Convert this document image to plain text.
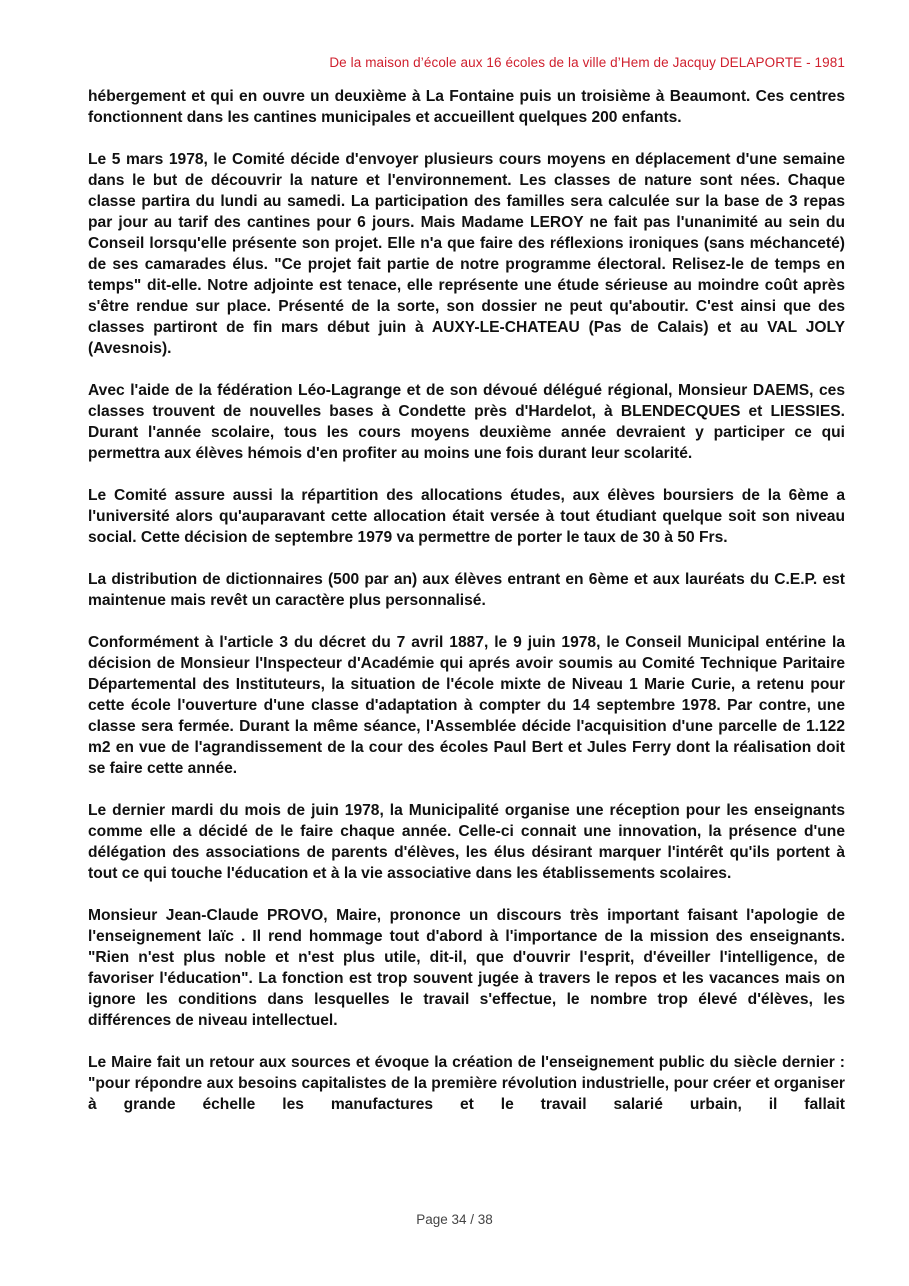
De la maison d’école aux 16 écoles de la ville d’Hem de Jacquy DELAPORTE - 1981

hébergement et qui en ouvre un deuxième à La Fontaine puis un troisième à Beaumont. Ces centres fonctionnent dans les cantines municipales et accueillent quelques 200 enfants.

Le 5 mars 1978, le Comité décide d'envoyer plusieurs cours moyens en déplacement d'une semaine dans le but de découvrir la nature et l'environnement. Les classes de nature sont nées. Chaque classe partira du lundi au samedi. La participation des familles sera calculée sur la base de 3 repas par jour au tarif des cantines pour 6 jours. Mais Madame LEROY ne fait pas l'unanimité au sein du Conseil lorsqu'elle présente son projet. Elle n'a que faire des réflexions ironiques (sans méchanceté) de ses camarades élus. "Ce projet fait partie de notre programme électoral. Relisez-le de temps en temps" dit-elle. Notre adjointe est tenace, elle représente une étude sérieuse au moindre coût après s'être rendue sur place. Présenté de la sorte, son dossier ne peut qu'aboutir. C'est ainsi que des classes partiront de fin mars début juin à AUXY-LE-CHATEAU (Pas de Calais) et au VAL JOLY (Avesnois).

Avec l'aide de la fédération Léo-Lagrange et de son dévoué délégué régional, Monsieur DAEMS, ces classes trouvent de nouvelles bases à Condette près d'Hardelot, à BLENDECQUES et LIESSIES. Durant l'année scolaire, tous les cours moyens deuxième année devraient y participer ce qui permettra aux élèves hémois d'en profiter au moins une fois durant leur scolarité.

Le Comité assure aussi la répartition des allocations études, aux élèves boursiers de la 6ème a l'université alors qu'auparavant cette allocation était versée à tout étudiant quelque soit son niveau social. Cette décision de septembre 1979 va permettre de porter le taux de 30 à 50 Frs.

La distribution de dictionnaires (500 par an) aux élèves entrant en 6ème et aux lauréats du C.E.P. est maintenue mais revêt un caractère plus personnalisé.

Conformément à l'article 3 du décret du 7 avril 1887, le 9 juin 1978, le Conseil Municipal entérine la décision de Monsieur l'Inspecteur d'Académie qui aprés avoir soumis au Comité Technique Paritaire Départemental des Instituteurs, la situation de l'école mixte de Niveau 1 Marie Curie, a retenu pour cette école l'ouverture d'une classe d'adaptation à compter du 14 septembre 1978. Par contre, une classe sera fermée. Durant la même séance, l'Assemblée décide l'acquisition d'une parcelle de 1.122 m2 en vue de l'agrandissement de la cour des écoles Paul Bert et Jules Ferry dont la réalisation doit se faire cette année.

Le dernier mardi du mois de juin 1978, la Municipalité organise une réception pour les enseignants comme elle a décidé de le faire chaque année. Celle-ci connait une innovation, la présence d'une délégation des associations de parents d'élèves, les élus désirant marquer l'intérêt qu'ils portent à tout ce qui touche l'éducation et à la vie associative dans les établissements scolaires.

Monsieur Jean-Claude PROVO, Maire, prononce un discours très important faisant l'apologie de l'enseignement laïc . Il rend hommage tout d'abord à l'importance de la mission des enseignants. "Rien n'est plus noble et n'est plus utile, dit-il, que d'ouvrir l'esprit, d'éveiller l'intelligence, de favoriser l'éducation". La fonction est trop souvent jugée à travers le repos et les vacances mais on ignore les conditions dans lesquelles le travail s'effectue, le nombre trop élevé d'élèves, les différences de niveau intellectuel.

Le Maire fait un retour aux sources et évoque la création de l'enseignement public du siècle dernier : "pour répondre aux besoins capitalistes de la première révolution industrielle, pour créer et organiser à grande échelle les manufactures et le travail salarié urbain, il fallait

Page 34 / 38
